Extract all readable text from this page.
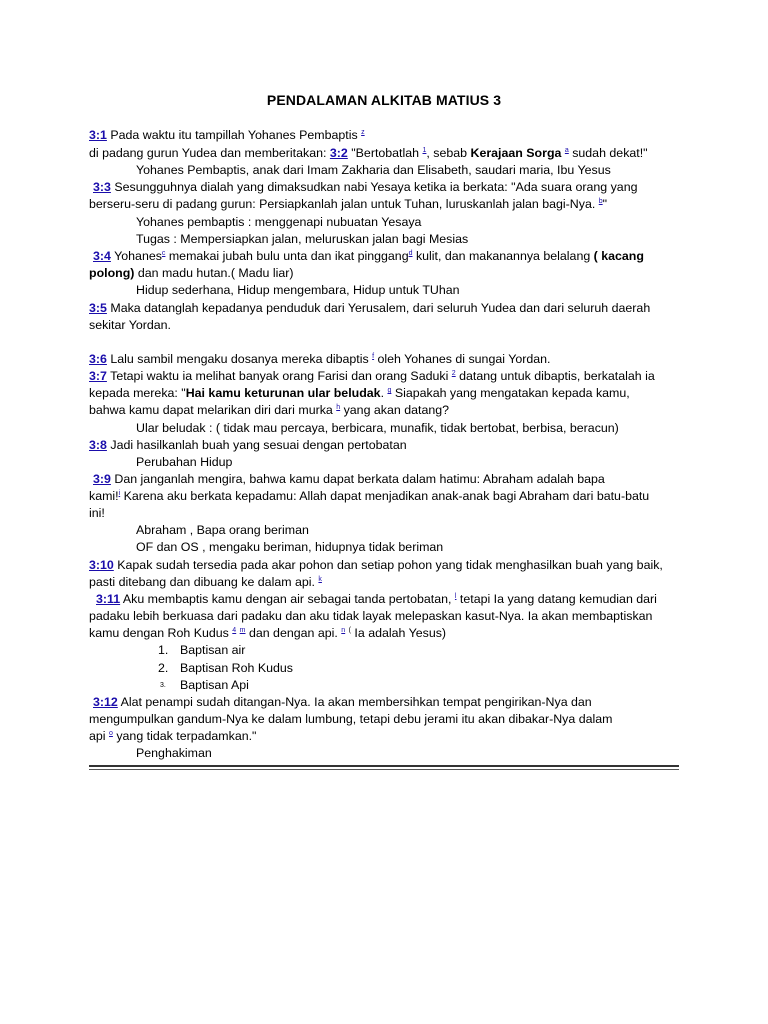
PENDALAMAN ALKITAB MATIUS 3
3:1 Pada waktu itu tampillah Yohanes Pembaptis $^z$
di padang gurun Yudea dan memberitakan: 3:2 "Bertobatlah $^1$, sebab Kerajaan Sorga $^a$ sudah dekat!"
Yohanes Pembaptis, anak dari Imam Zakharia dan Elisabeth, saudari maria, Ibu Yesus
3:3 Sesungguhnya dialah yang dimaksudkan nabi Yesaya ketika ia berkata: "Ada suara orang yang
berseru-seru di padang gurun: Persiapkanlah jalan untuk Tuhan, luruskanlah jalan bagi-Nya. $^b$"
Yohanes pembaptis : menggenapi nubuatan Yesaya
Tugas : Mempersiapkan jalan, meluruskan jalan bagi Mesias
3:4 Yohanes$^c$ memakai jubah bulu unta dan ikat pinggang$^d$ kulit, dan makanannya belalang ( kacang
polong) dan madu hutan.( Madu liar)
Hidup sederhana, Hidup mengembara, Hidup untuk TUhan
3:5 Maka datanglah kepadanya penduduk dari Yerusalem, dari seluruh Yudea dan dari seluruh daerah
sekitar Yordan.
3:6 Lalu sambil mengaku dosanya mereka dibaptis $^f$ oleh Yohanes di sungai Yordan.
3:7 Tetapi waktu ia melihat banyak orang Farisi dan orang Saduki $^2$ datang untuk dibaptis, berkatalah ia
kepada mereka: "Hai kamu keturunan ular beludak. $^g$ Siapakah yang mengatakan kepada kamu,
bahwa kamu dapat melarikan diri dari murka $^h$ yang akan datang?
Ular beludak : ( tidak mau percaya, berbicara, munafik, tidak bertobat, berbisa, beracun)
3:8 Jadi hasilkanlah buah yang sesuai dengan pertobatan
Perubahan Hidup
3:9 Dan janganlah mengira, bahwa kamu dapat berkata dalam hatimu: Abraham adalah bapa
kami!$^i$ Karena aku berkata kepadamu: Allah dapat menjadikan anak-anak bagi Abraham dari batu-batu
ini!
Abraham , Bapa orang beriman
OF dan OS , mengaku beriman, hidupnya tidak beriman
3:10 Kapak sudah tersedia pada akar pohon dan setiap pohon yang tidak menghasilkan buah yang baik,
pasti ditebang dan dibuang ke dalam api. $^k$
3:11 Aku membaptis kamu dengan air sebagai tanda pertobatan, $^l$ tetapi Ia yang datang kemudian dari
padaku lebih berkuasa dari padaku dan aku tidak layak melepaskan kasut-Nya. Ia akan membaptiskan
kamu dengan Roh Kudus $^4$ $^m$ dan dengan api. $^n$ ( Ia adalah Yesus)
1. Baptisan air
2. Baptisan Roh Kudus
$^{3.}$ Baptisan Api
3:12 Alat penampi sudah ditangan-Nya. Ia akan membersihkan tempat pengirikan-Nya dan
mengumpulkan gandum-Nya ke dalam lumbung, tetapi debu jerami itu akan dibakar-Nya dalam
api $^o$ yang tidak terpadamkan."
Penghakiman
